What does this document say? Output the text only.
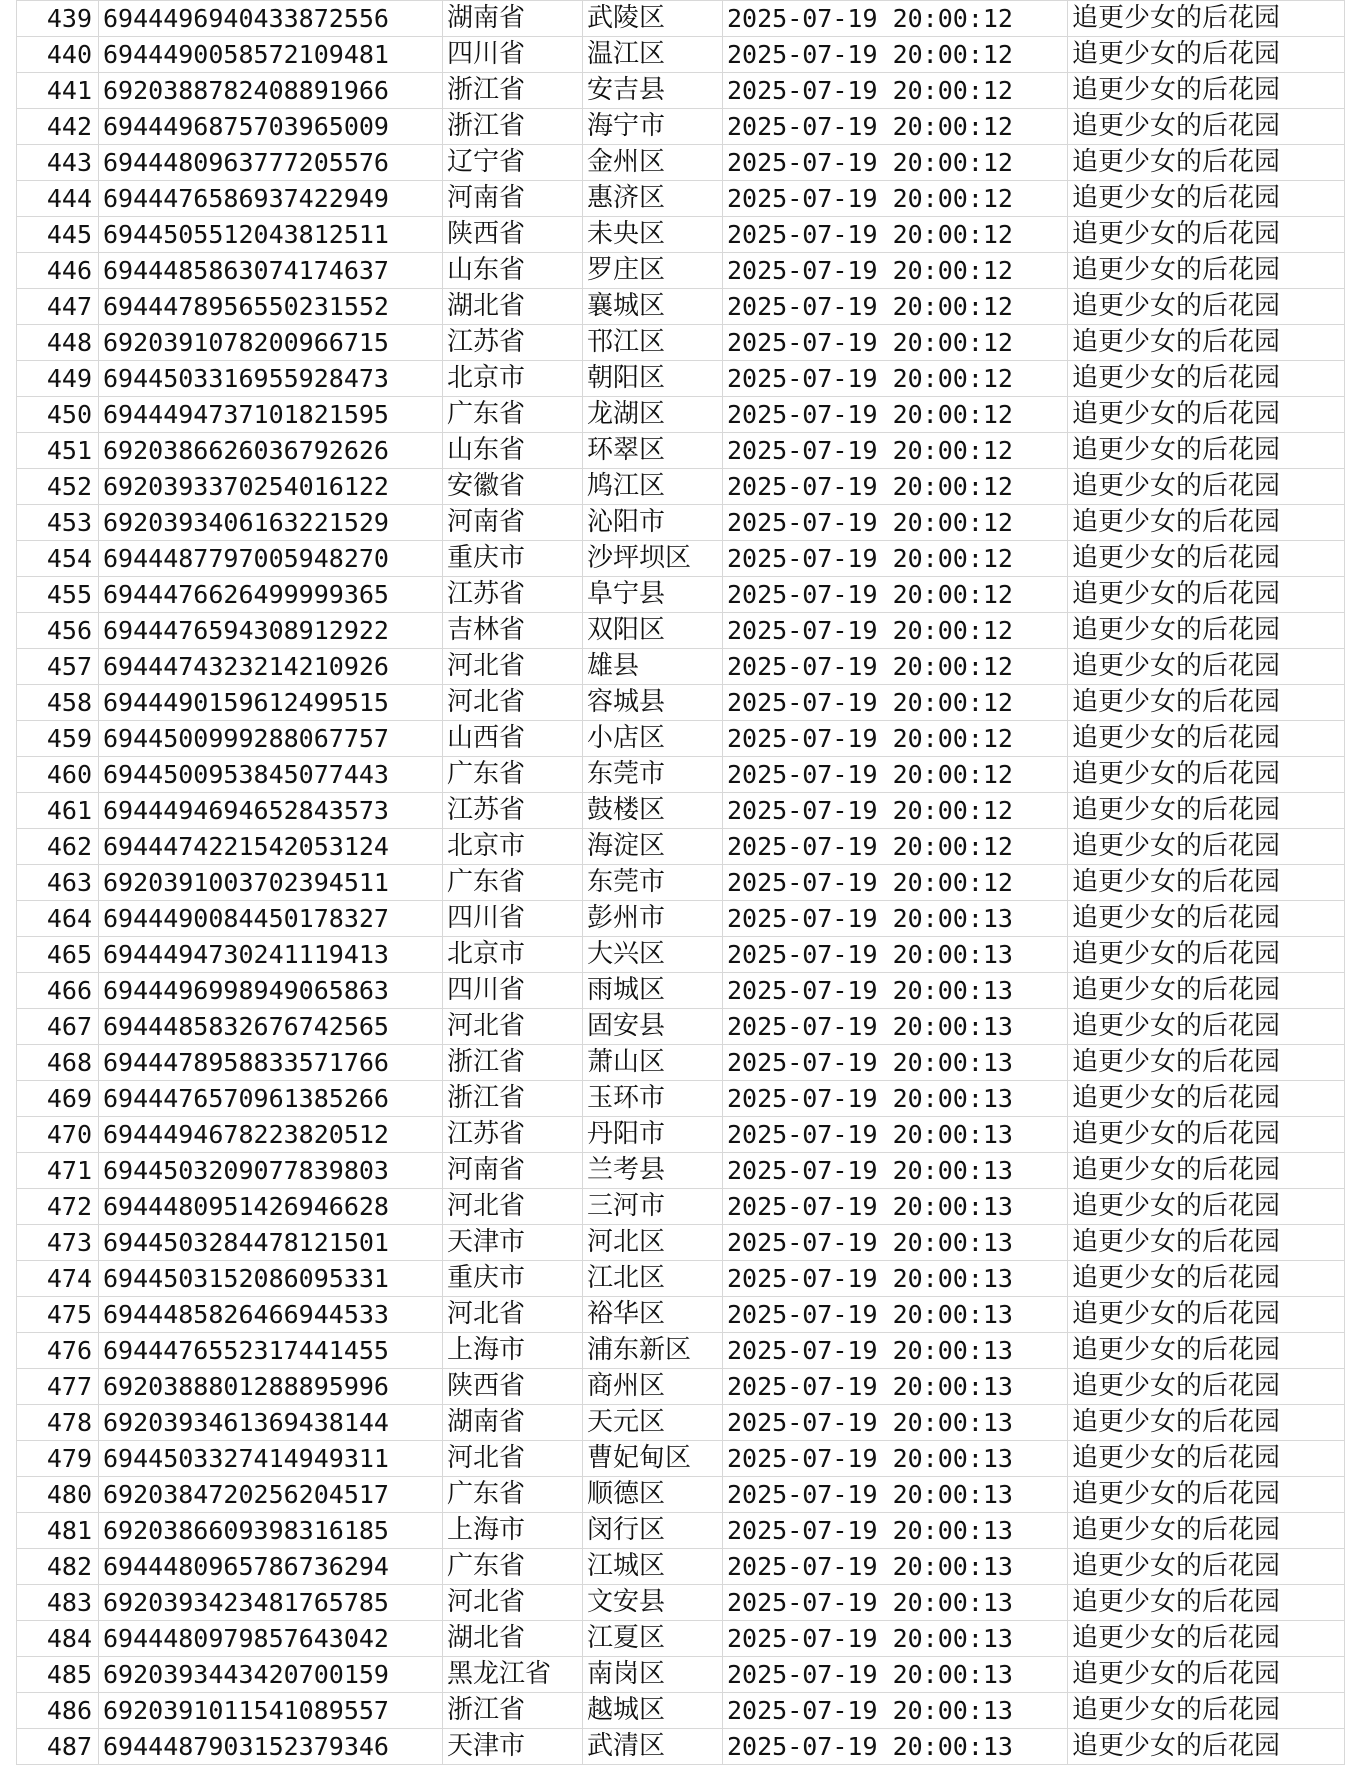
439	6944496940433872556	湖南省	武陵区	2025-07-19 20:00:12	追更少女的后花园
440	6944490058572109481	四川省	温江区	2025-07-19 20:00:12	追更少女的后花园
441	6920388782408891966	浙江省	安吉县	2025-07-19 20:00:12	追更少女的后花园
442	6944496875703965009	浙江省	海宁市	2025-07-19 20:00:12	追更少女的后花园
443	6944480963777205576	辽宁省	金州区	2025-07-19 20:00:12	追更少女的后花园
444	6944476586937422949	河南省	惠济区	2025-07-19 20:00:12	追更少女的后花园
445	6944505512043812511	陕西省	未央区	2025-07-19 20:00:12	追更少女的后花园
446	6944485863074174637	山东省	罗庄区	2025-07-19 20:00:12	追更少女的后花园
447	6944478956550231552	湖北省	襄城区	2025-07-19 20:00:12	追更少女的后花园
448	6920391078200966715	江苏省	邗江区	2025-07-19 20:00:12	追更少女的后花园
449	6944503316955928473	北京市	朝阳区	2025-07-19 20:00:12	追更少女的后花园
450	6944494737101821595	广东省	龙湖区	2025-07-19 20:00:12	追更少女的后花园
451	6920386626036792626	山东省	环翠区	2025-07-19 20:00:12	追更少女的后花园
452	6920393370254016122	安徽省	鸠江区	2025-07-19 20:00:12	追更少女的后花园
453	6920393406163221529	河南省	沁阳市	2025-07-19 20:00:12	追更少女的后花园
454	6944487797005948270	重庆市	沙坪坝区	2025-07-19 20:00:12	追更少女的后花园
455	6944476626499999365	江苏省	阜宁县	2025-07-19 20:00:12	追更少女的后花园
456	6944476594308912922	吉林省	双阳区	2025-07-19 20:00:12	追更少女的后花园
457	6944474323214210926	河北省	雄县	2025-07-19 20:00:12	追更少女的后花园
458	6944490159612499515	河北省	容城县	2025-07-19 20:00:12	追更少女的后花园
459	6944500999288067757	山西省	小店区	2025-07-19 20:00:12	追更少女的后花园
460	6944500953845077443	广东省	东莞市	2025-07-19 20:00:12	追更少女的后花园
461	6944494694652843573	江苏省	鼓楼区	2025-07-19 20:00:12	追更少女的后花园
462	6944474221542053124	北京市	海淀区	2025-07-19 20:00:12	追更少女的后花园
463	6920391003702394511	广东省	东莞市	2025-07-19 20:00:12	追更少女的后花园
464	6944490084450178327	四川省	彭州市	2025-07-19 20:00:13	追更少女的后花园
465	6944494730241119413	北京市	大兴区	2025-07-19 20:00:13	追更少女的后花园
466	6944496998949065863	四川省	雨城区	2025-07-19 20:00:13	追更少女的后花园
467	6944485832676742565	河北省	固安县	2025-07-19 20:00:13	追更少女的后花园
468	6944478958833571766	浙江省	萧山区	2025-07-19 20:00:13	追更少女的后花园
469	6944476570961385266	浙江省	玉环市	2025-07-19 20:00:13	追更少女的后花园
470	6944494678223820512	江苏省	丹阳市	2025-07-19 20:00:13	追更少女的后花园
471	6944503209077839803	河南省	兰考县	2025-07-19 20:00:13	追更少女的后花园
472	6944480951426946628	河北省	三河市	2025-07-19 20:00:13	追更少女的后花园
473	6944503284478121501	天津市	河北区	2025-07-19 20:00:13	追更少女的后花园
474	6944503152086095331	重庆市	江北区	2025-07-19 20:00:13	追更少女的后花园
475	6944485826466944533	河北省	裕华区	2025-07-19 20:00:13	追更少女的后花园
476	6944476552317441455	上海市	浦东新区	2025-07-19 20:00:13	追更少女的后花园
477	6920388801288895996	陕西省	商州区	2025-07-19 20:00:13	追更少女的后花园
478	6920393461369438144	湖南省	天元区	2025-07-19 20:00:13	追更少女的后花园
479	6944503327414949311	河北省	曹妃甸区	2025-07-19 20:00:13	追更少女的后花园
480	6920384720256204517	广东省	顺德区	2025-07-19 20:00:13	追更少女的后花园
481	6920386609398316185	上海市	闵行区	2025-07-19 20:00:13	追更少女的后花园
482	6944480965786736294	广东省	江城区	2025-07-19 20:00:13	追更少女的后花园
483	6920393423481765785	河北省	文安县	2025-07-19 20:00:13	追更少女的后花园
484	6944480979857643042	湖北省	江夏区	2025-07-19 20:00:13	追更少女的后花园
485	6920393443420700159	黑龙江省	南岗区	2025-07-19 20:00:13	追更少女的后花园
486	6920391011541089557	浙江省	越城区	2025-07-19 20:00:13	追更少女的后花园
487	6944487903152379346	天津市	武清区	2025-07-19 20:00:13	追更少女的后花园
